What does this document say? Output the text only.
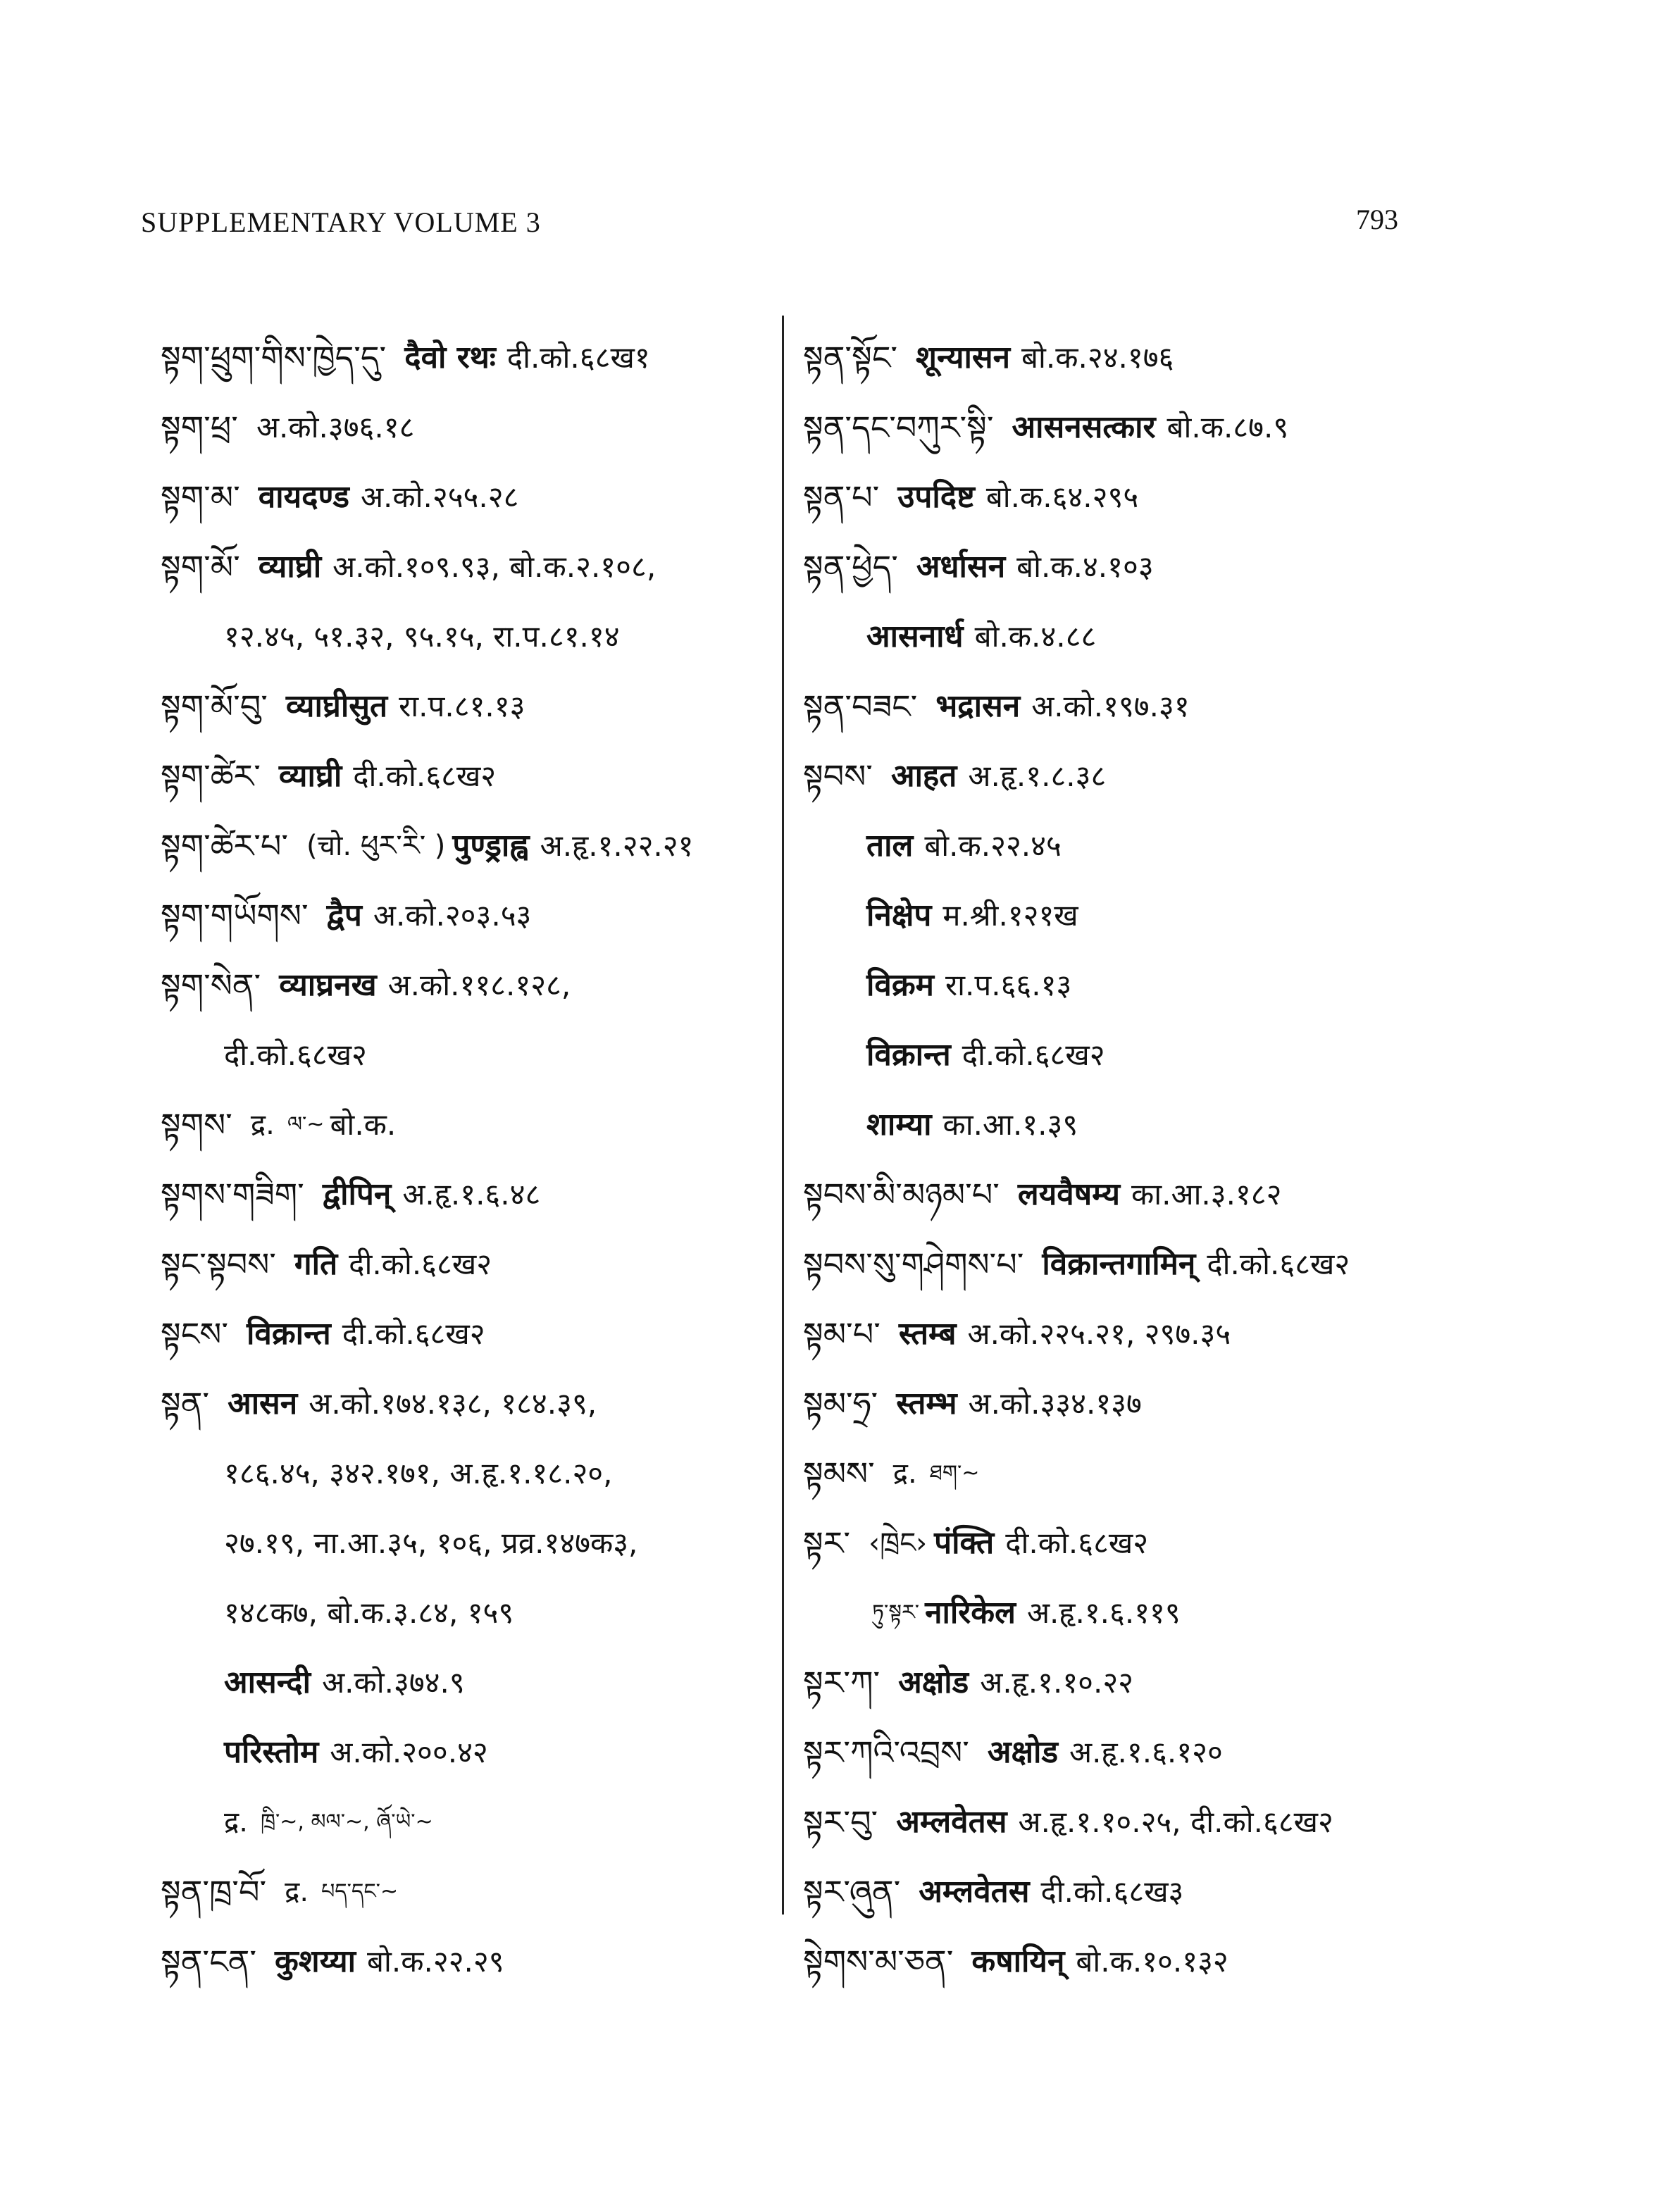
SUPPLEMENTARY VOLUME 3	793
སྟག་ཕྲུག་གིས་ཁྱེད་དུ་ दैवो रथः दी.को.६८ख१
སྟག་ཕྲ་ अ.को.३७६.१८
སྟག་མ་ वायदण्ड अ.को.२५५.२८
སྟག་མོ་ व्याघ्री अ.को.१०९.९३, बो.क.२.१०८,
१२.४५, ५१.३२, ९५.१५, रा.प.८१.१४
སྟག་མོ་བུ་ व्याघ्रीसुत रा.प.८१.१३
སྟག་ཚེར་ व्याघ्री दी.को.६८ख२
སྟག་ཚེར་པ་ (चो. ཕུར་རི་ ) पुण्ड्राह्व अ.हृ.१.२२.२१
སྟག་གཡོགས་ द्वैप अ.को.२०३.५३
སྟག་སེན་ व्याघ्रनख अ.को.११८.१२८,
दी.को.६८ख२
སྟགས་ द्र. ལ་~ बो.क.
སྟགས་གཟིག་ द्वीपिन् अ.हृ.१.६.४८
སྟང་སྟབས་ गति दी.को.६८ख२
སྟངས་ विक्रान्त दी.को.६८ख२
སྟན་ आसन अ.को.१७४.१३८, १८४.३९,
१८६.४५, ३४२.१७१, अ.हृ.१.१८.२०,
२७.१९, ना.आ.३५, १०६, प्रव्र.१४७क३,
१४८क७, बो.क.३.८४, १५९
आसन्दी अ.को.३७४.९
परिस्तोम अ.को.२००.४२
द्र. ཁྲི་~, མལ་~, ཞོ་ཡེ་~
སྟན་ཁྲ་བོ་ द्र. པད་དང་~
སྟན་ངན་ कुशय्या बो.क.२२.२९
སྟན་སྟོང་ शून्यासन बो.क.२४.१७६
སྟན་དང་བཀུར་སྟི་ आसनसत्कार बो.क.८७.९
སྟན་པ་ उपदिष्ट बो.क.६४.२९५
སྟན་ཕྱེད་ अर्धासन बो.क.४.१०३
आसनार्ध बो.क.४.८८
སྟན་བཟང་ भद्रासन अ.को.१९७.३१
སྟབས་ आहत अ.हृ.१.८.३८
ताल बो.क.२२.४५
निक्षेप म.श्री.१२१ख
विक्रम रा.प.६६.१३
विक्रान्त दी.को.६८ख२
शाम्या का.आ.१.३९
སྟབས་མི་མཉམ་པ་ लयवैषम्य का.आ.३.१८२
སྟབས་སུ་གཤེགས་པ་ विक्रान्तगामिन् दी.को.६८ख२
སྟམ་པ་ स्तम्ब अ.को.२२५.२१, २९७.३५
སྟམ་ཧྲ་ स्तम्भ अ.को.३३४.१३७
སྟམས་ द्र. ཐག་~
སྟར་ ‹ཁྲེང› पंक्ति दी.को.६८ख२
ཏུ་སྟར་ नारिकेल अ.हृ.१.६.११९
སྟར་ཀ་ अक्षोड अ.हृ.१.१०.२२
སྟར་ཀའི་འབྲས་ अक्षोड अ.हृ.१.६.१२०
སྟར་བུ་ अम्लवेतस अ.हृ.१.१०.२५, दी.को.६८ख२
སྟར་ཞུན་ अम्लवेतस दी.को.६८ख३
སྟེགས་མ་ཅན་ कषायिन् बो.क.१०.१३२
